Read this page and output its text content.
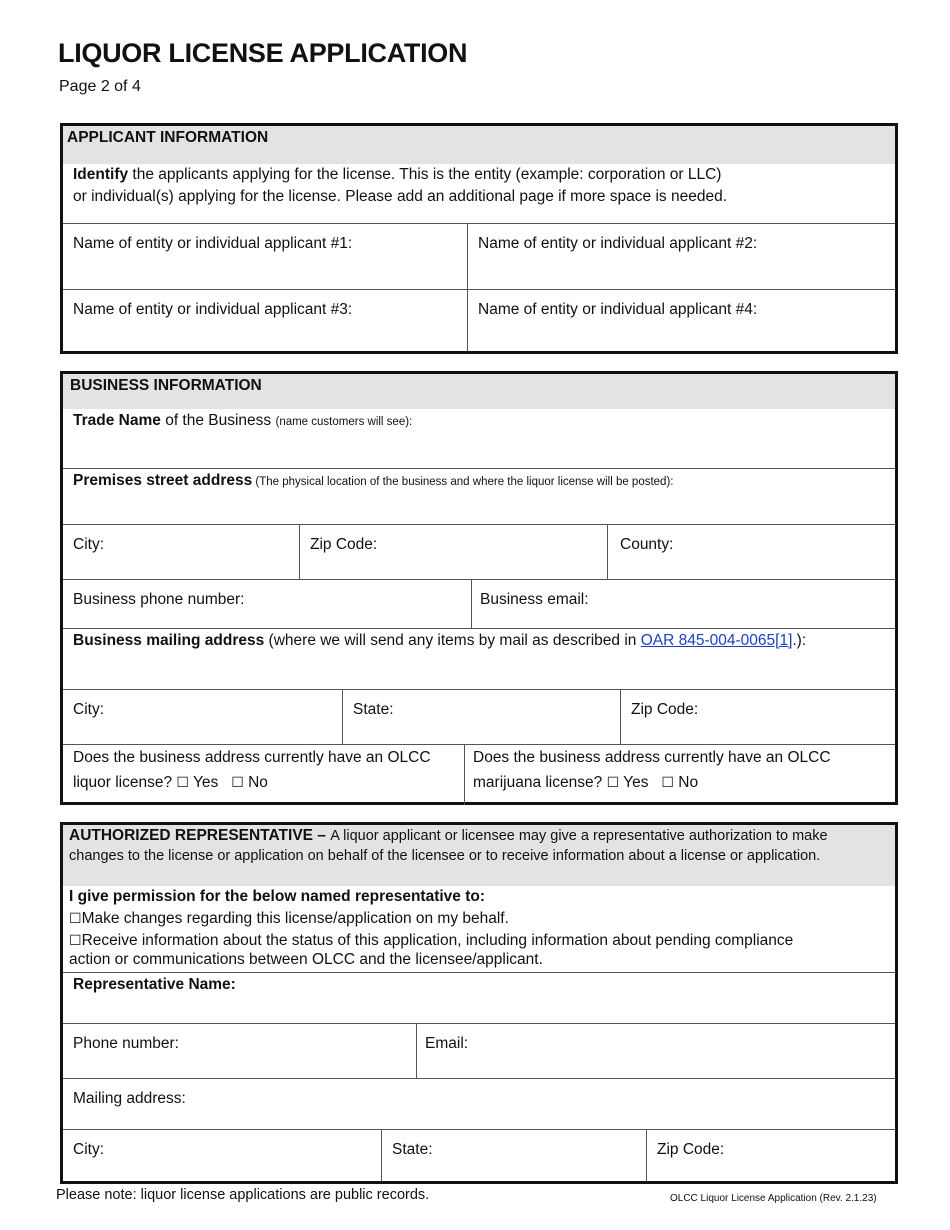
LIQUOR LICENSE APPLICATION
Page 2 of 4
APPLICANT INFORMATION
Identify the applicants applying for the license. This is the entity (example: corporation or LLC)
or individual(s) applying for the license. Please add an additional page if more space is needed.
Name of entity or individual applicant #1:	Name of entity or individual applicant #2:
Name of entity or individual applicant #3:	Name of entity or individual applicant #4:
BUSINESS INFORMATION
Trade Name of the Business (name customers will see):
Premises street address (The physical location of the business and where the liquor license will be posted):
City:	Zip Code:	County:
Business phone number:	Business email:
Business mailing address (where we will send any items by mail as described in OAR 845-004-0065[1].):
City:	State:	Zip Code:
Does the business address currently have an OLCC
liquor license? ☐ Yes ☐ No
Does the business address currently have an OLCC
marijuana license? ☐ Yes ☐ No
AUTHORIZED REPRESENTATIVE – A liquor applicant or licensee may give a representative authorization to make
changes to the license or application on behalf of the licensee or to receive information about a license or application.
I give permission for the below named representative to:
☐Make changes regarding this license/application on my behalf.
☐Receive information about the status of this application, including information about pending compliance
action or communications between OLCC and the licensee/applicant.
Representative Name:
Phone number:	Email:
Mailing address:
City:	State:	Zip Code:
Please note: liquor license applications are public records.	OLCC Liquor License Application (Rev. 2.1.23)
